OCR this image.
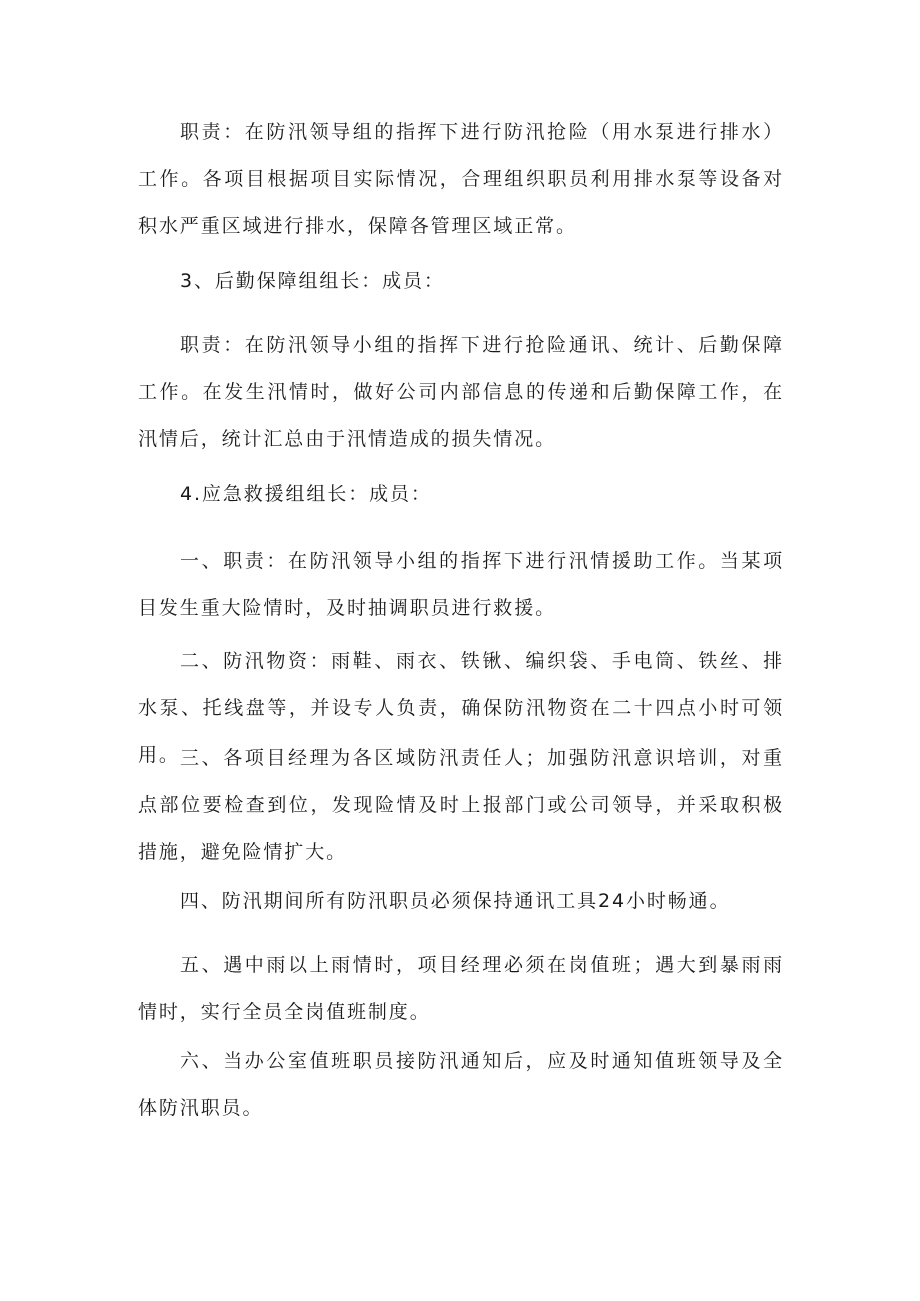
职责：在防汛领导组的指挥下进行防汛抢险（用水泵进行排水）工作。各项目根据项目实际情况，合理组织职员利用排水泵等设备对积水严重区域进行排水，保障各管理区域正常。

3、后勤保障组组长：成员：

职责：在防汛领导小组的指挥下进行抢险通讯、统计、后勤保障工作。在发生汛情时，做好公司内部信息的传递和后勤保障工作，在汛情后，统计汇总由于汛情造成的损失情况。

4.应急救援组组长：成员：

一、职责：在防汛领导小组的指挥下进行汛情援助工作。当某项目发生重大险情时，及时抽调职员进行救援。

二、防汛物资：雨鞋、雨衣、铁锹、编织袋、手电筒、铁丝、排水泵、托线盘等，并设专人负责，确保防汛物资在二十四点小时可领用。 三、各项目经理为各区域防汛责任人；加强防汛意识培训，对重点部位要检查到位，发现险情及时上报部门或公司领导，并采取积极措施，避免险情扩大。

四、防汛期间所有防汛职员必须保持通讯工具24小时畅通。

五、遇中雨以上雨情时，项目经理必须在岗值班；遇大到暴雨雨情时，实行全员全岗值班制度。

六、当办公室值班职员接防汛通知后，应及时通知值班领导及全体防汛职员。
